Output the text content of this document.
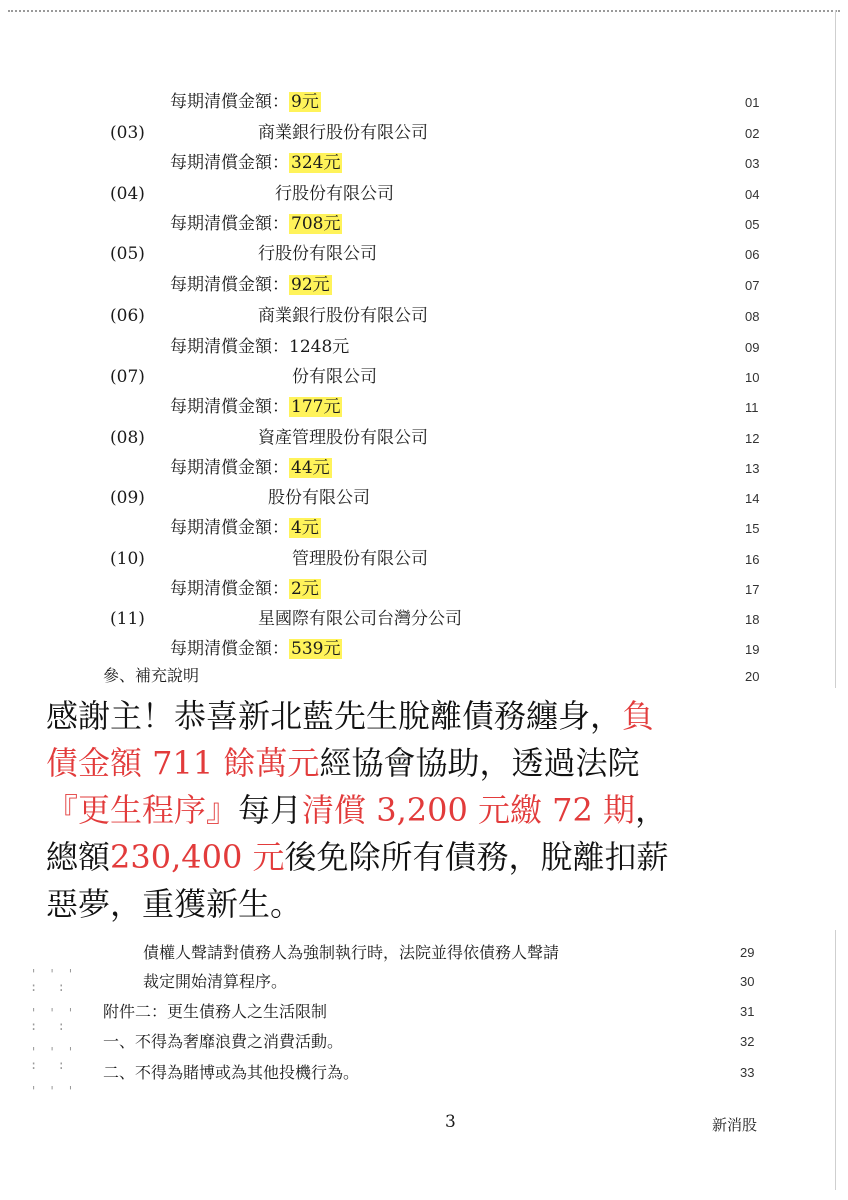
每期清償金額： 9元	01
(03)	商業銀行股份有限公司	02
每期清償金額： 324元	03
(04)	行股份有限公司	04
每期清償金額： 708元	05
(05)	行股份有限公司	06
每期清償金額： 92元	07
(06)	商業銀行股份有限公司	08
每期清償金額：1248元	09
(07)	份有限公司	10
每期清償金額： 177元	11
(08)	資產管理股份有限公司	12
每期清償金額： 44元	13
(09)	股份有限公司	14
每期清償金額： 4元	15
(10)	管理股份有限公司	16
每期清償金額： 2元	17
(11)	星國際有限公司台灣分公司	18
每期清償金額： 539元	19
參、補充說明	20
感謝主！恭喜新北藍先生脫離債務纏身，負
債金額 711 餘萬元經協會協助，透過法院
『更生程序』每月清償 3,200 元繳 72 期，
總額230,400 元後免除所有債務，脫離扣薪
惡夢，重獲新生。
債權人聲請對債務人為強制執行時，法院並得依債務人聲請	29
裁定開始清算程序。	30
附件二：更生債務人之生活限制	31
一、不得為奢靡浪費之消費活動。	32
二、不得為賭博或為其他投機行為。	33
' ' '
:  :

' ' '
:  :

' ' '
:  :

' ' '
3	新消股
